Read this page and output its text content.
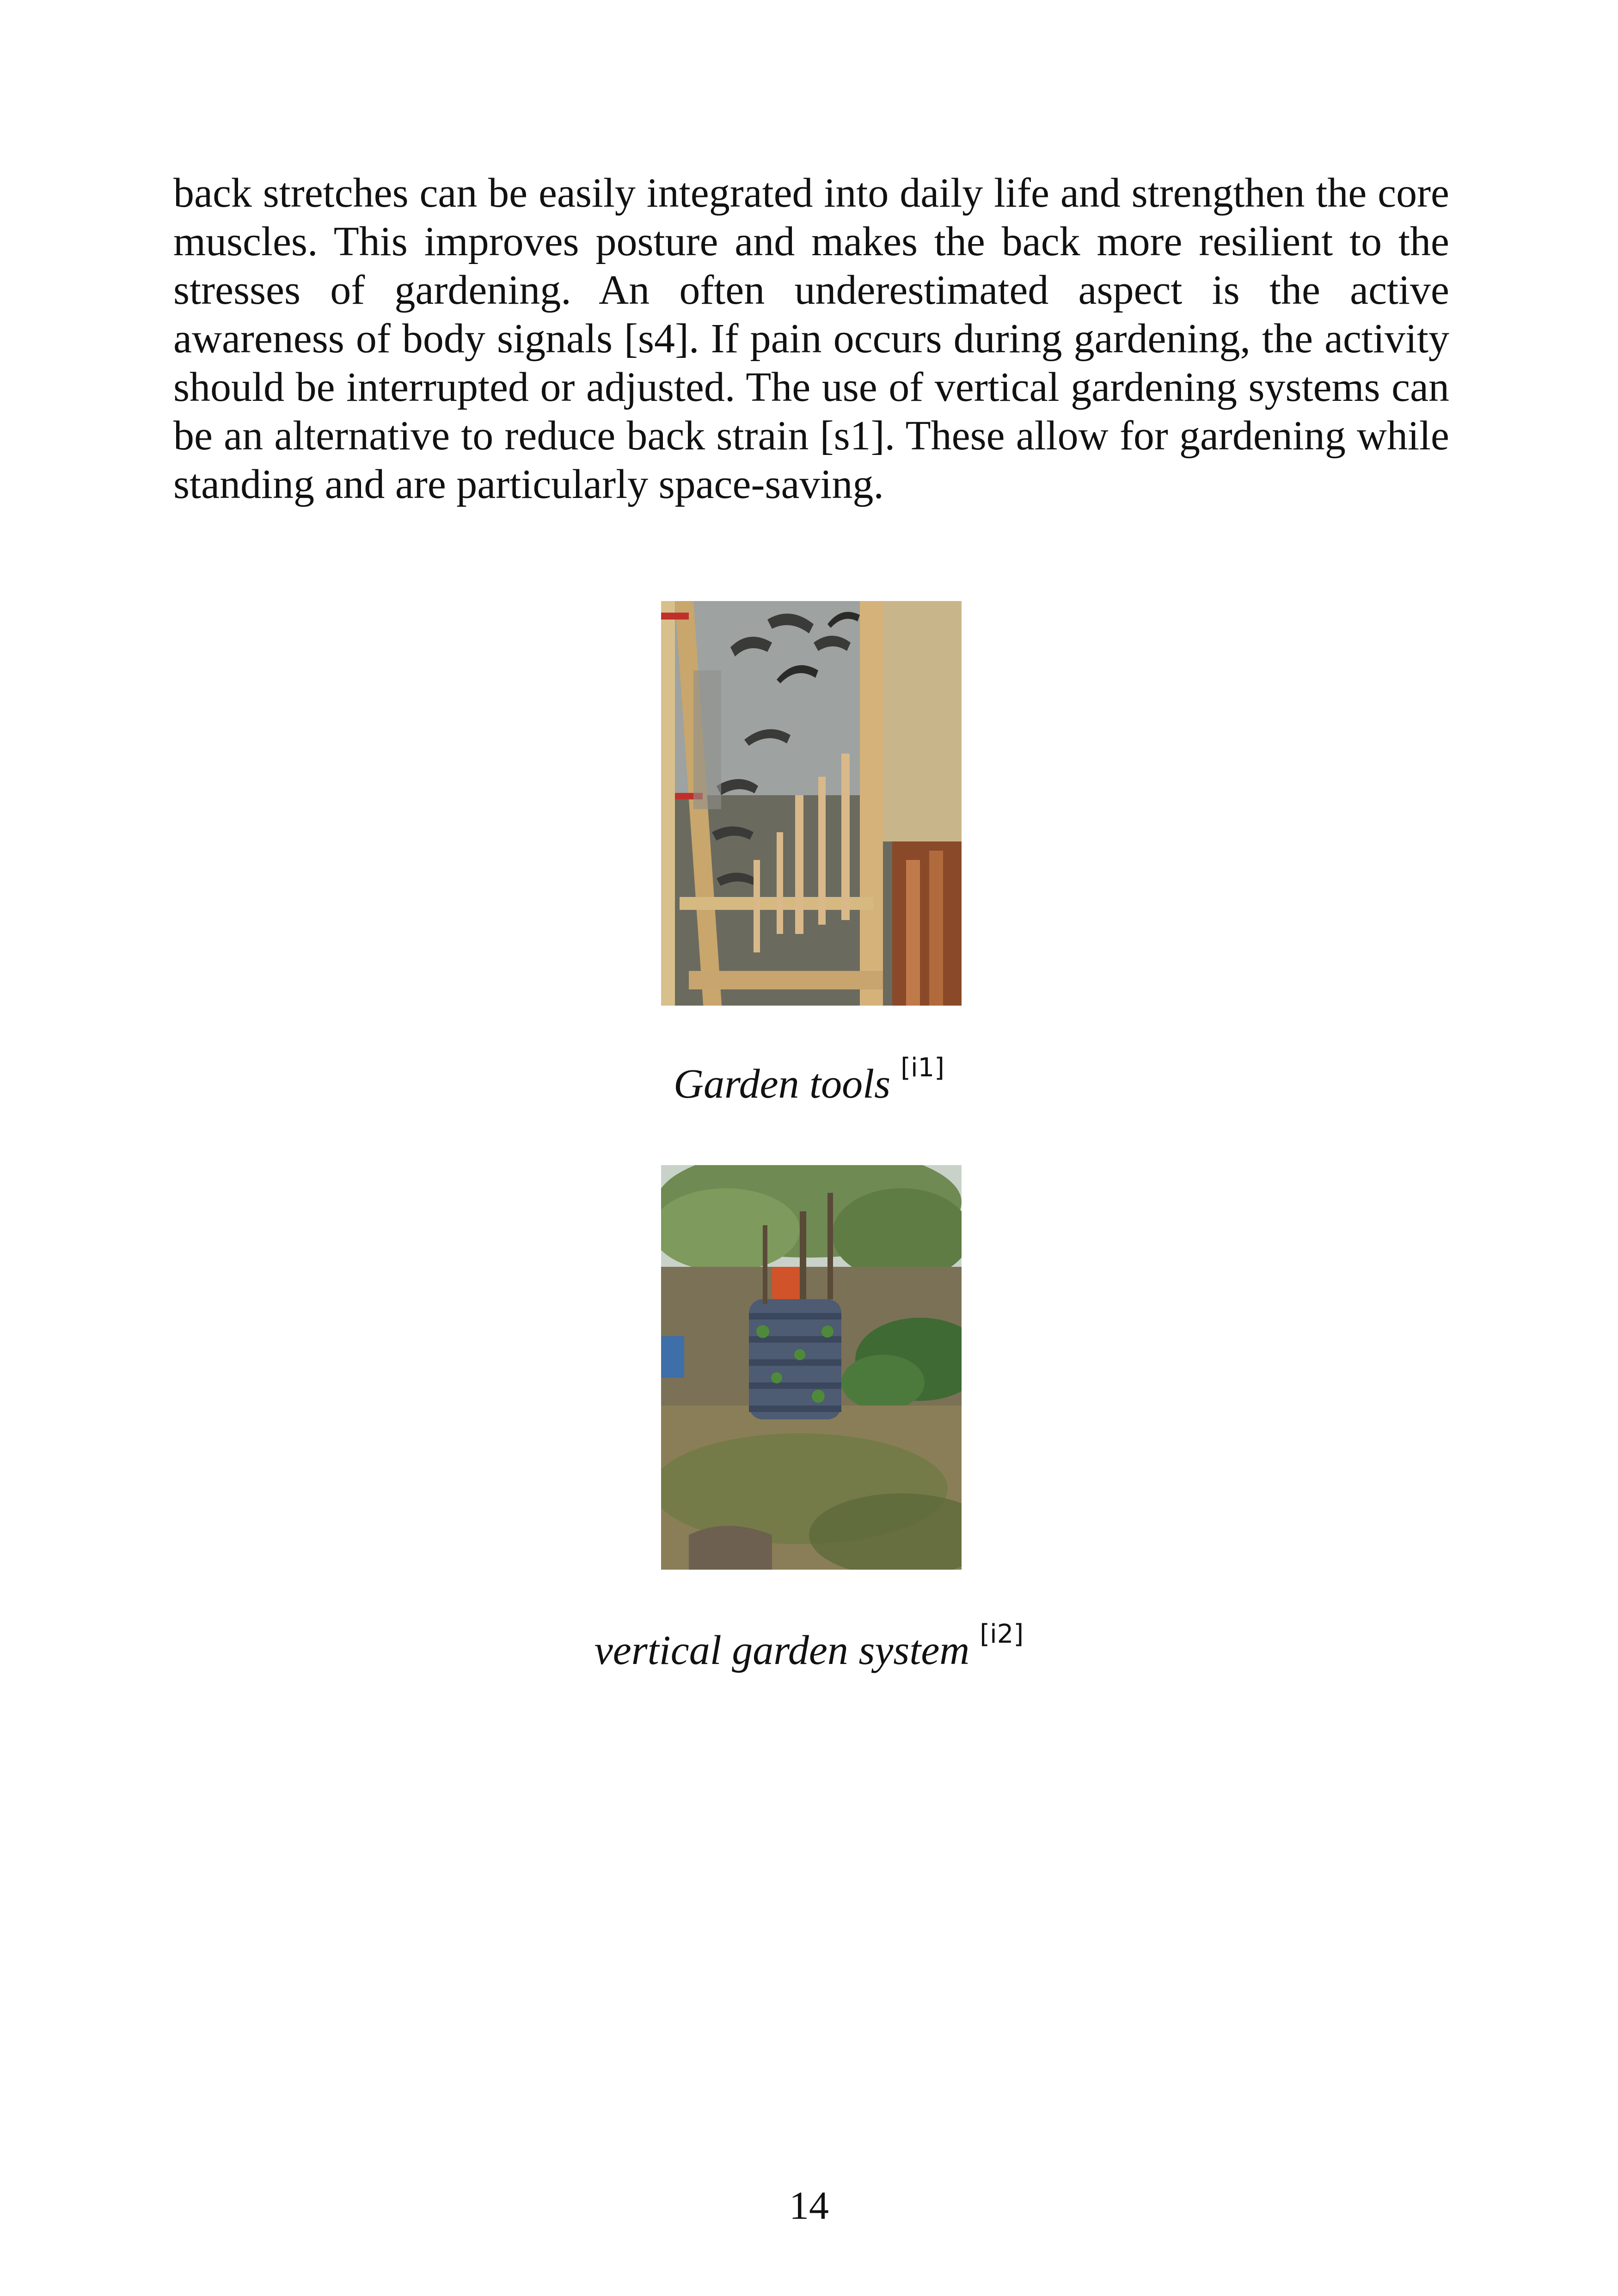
back stretches can be easily integrated into daily life and strengthen the core muscles. This improves posture and makes the back more resilient to the stresses of gardening. An often underestimated aspect is the active awareness of body signals [s4]. If pain occurs during gardening, the activity should be interrupted or adjusted. The use of vertical gardening systems can be an alternative to reduce back strain [s1]. These allow for gardening while standing and are particularly space-saving.

Garden tools [i1]
vertical garden system [i2]
14
